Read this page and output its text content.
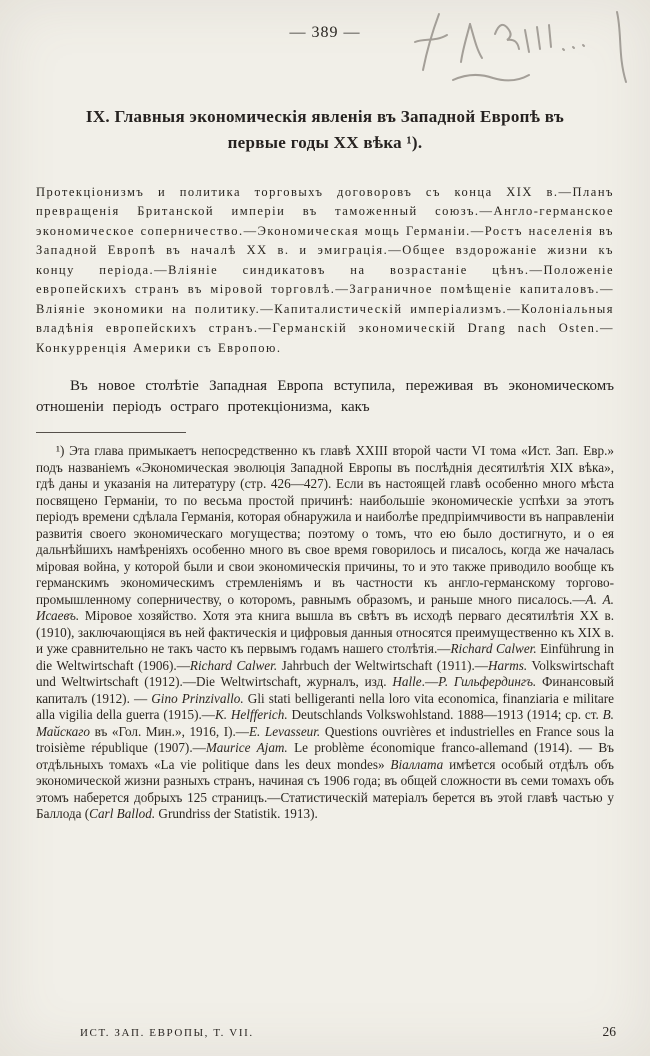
— 389 —
IX. Главныя экономическія явленія въ Западной Европѣ въ первые годы XX вѣка ¹).

Протекціонизмъ и политика торговыхъ договоровъ съ конца XIX в.—Планъ превращенія Британской имперіи въ таможенный союзъ.—Англо-германское экономическое соперничество.—Экономическая мощь Германіи.—Ростъ населенія въ Западной Европѣ въ началѣ XX в. и эмиграція.—Общее вздорожаніе жизни къ концу періода.—Вліяніе синдикатовъ на возрастаніе цѣнъ.—Положеніе европейскихъ странъ въ міровой торговлѣ.—Заграничное помѣщеніе капиталовъ.—Вліяніе экономики на политику.—Капиталистическій имперіализмъ.—Колоніальныя владѣнія европейскихъ странъ.—Германскій экономическій Drang nach Osten.—Конкурренція Америки съ Европою.

Въ новое столѣтіе Западная Европа вступила, переживая въ экономическомъ отношеніи періодъ остраго протекціонизма, какъ

¹) Эта глава примыкаетъ непосредственно къ главѣ XXIII второй части VI тома «Ист. Зап. Евр.» подъ названіемъ «Экономическая эволюція Западной Европы въ послѣднія десятилѣтія XIX вѣка», гдѣ даны и указанія на литературу (стр. 426—427). Если въ настоящей главѣ особенно много мѣста посвящено Германіи, то по весьма простой причинѣ: наибольшіе экономическіе успѣхи за этотъ періодъ времени сдѣлала Германія, которая обнаружила и наиболѣе предпріимчивости въ направленіи развитія своего экономическаго могущества; поэтому о томъ, что ею было достигнуто, и о ея дальнѣйшихъ намѣреніяхъ особенно много въ свое время говорилось и писалось, когда же началась міровая война, у которой были и свои экономическія причины, то и это также приводило вообще къ германскимъ экономическимъ стремленіямъ и въ частности къ англо-германскому торгово-промышленному соперничеству, о которомъ, равнымъ образомъ, и раньше много писалось.—А. А. Исаевъ. Міровое хозяйство. Хотя эта книга вышла въ свѣтъ въ исходѣ перваго десятилѣтія XX в. (1910), заключающіяся въ ней фактическія и цифровыя данныя относятся преимущественно къ XIX в. и уже сравнительно не такъ часто къ первымъ годамъ нашего столѣтія.—Richard Calwer. Einführung in die Weltwirtschaft (1906).—Richard Calwer. Jahrbuch der Weltwirtschaft (1911).—Harms. Volkswirtschaft und Weltwirtschaft (1912).—Die Weltwirtschaft, журналъ, изд. Halle.—Р. Гильфердингъ. Финансовый капиталъ (1912). — Gino Prinzivallo. Gli stati belligeranti nella loro vita economica, finanziaria e militare alla vigilia della guerra (1915).—К. Helfferich. Deutschlands Volkswohlstand. 1888—1913 (1914; ср. ст. В. Майскаго въ «Гол. Мин.», 1916, I).—E. Levasseur. Questions ouvrières et industrielles en France sous la troisième république (1907).—Maurice Ajam. Le problème économique franco-allemand (1914). — Въ отдѣльныхъ томахъ «La vie politique dans les deux mondes» Віаллата имѣется особый отдѣлъ объ экономической жизни разныхъ странъ, начиная съ 1906 года; въ общей сложности въ семи томахъ объ этомъ наберется добрыхъ 125 страницъ.—Статистическій матеріалъ берется въ этой главѣ частью у Баллода (Carl Ballod. Grundriss der Statistik. 1913).

ИСТ. ЗАП. ЕВРОПЫ, Т. VII.	26
